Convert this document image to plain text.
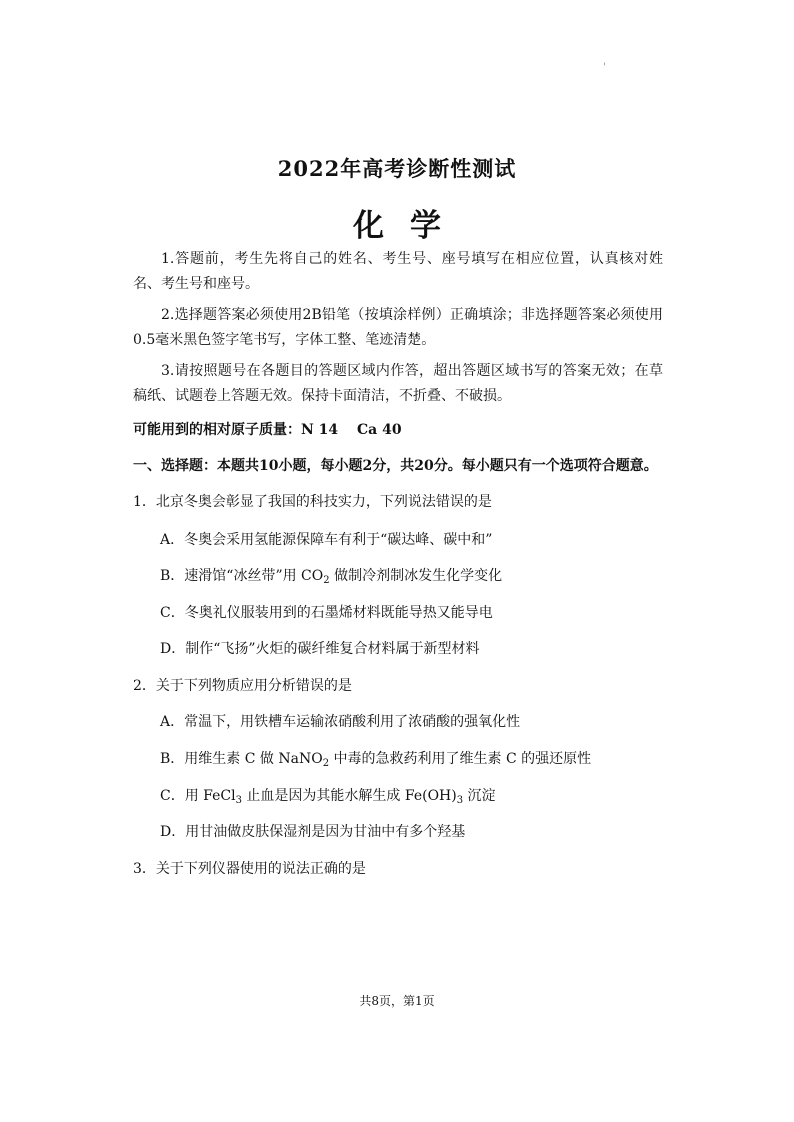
'
2022年高考诊断性测试
化学
1.答题前，考生先将自己的姓名、考生号、座号填写在相应位置，认真核对姓名、考生号和座号。
2.选择题答案必须使用2B铅笔（按填涂样例）正确填涂；非选择题答案必须使用0.5毫米黑色签字笔书写，字体工整、笔迹清楚。
3.请按照题号在各题目的答题区域内作答，超出答题区域书写的答案无效；在草稿纸、试题卷上答题无效。保持卡面清洁，不折叠、不破损。
可能用到的相对原子质量：N 14　 Ca 40
一、选择题：本题共10小题，每小题2分，共20分。每小题只有一个选项符合题意。
1．北京冬奥会彰显了我国的科技实力，下列说法错误的是
A．冬奥会采用氢能源保障车有利于“碳达峰、碳中和”
B．速滑馆“冰丝带”用 $CO_2$ 做制冷剂制冰发生化学变化
C．冬奥礼仪服装用到的石墨烯材料既能导热又能导电
D．制作“飞扬”火炬的碳纤维复合材料属于新型材料
2．关于下列物质应用分析错误的是
A．常温下，用铁槽车运输浓硝酸利用了浓硝酸的强氧化性
B．用维生素 C 做 NaNO$_2$ 中毒的急救药利用了维生素 C 的强还原性
C．用 FeCl$_3$ 止血是因为其能水解生成 $Fe(OH)_3$ 沉淀
D．用甘油做皮肤保湿剂是因为甘油中有多个羟基
3．关于下列仪器使用的说法正确的是
共8页，第1页
